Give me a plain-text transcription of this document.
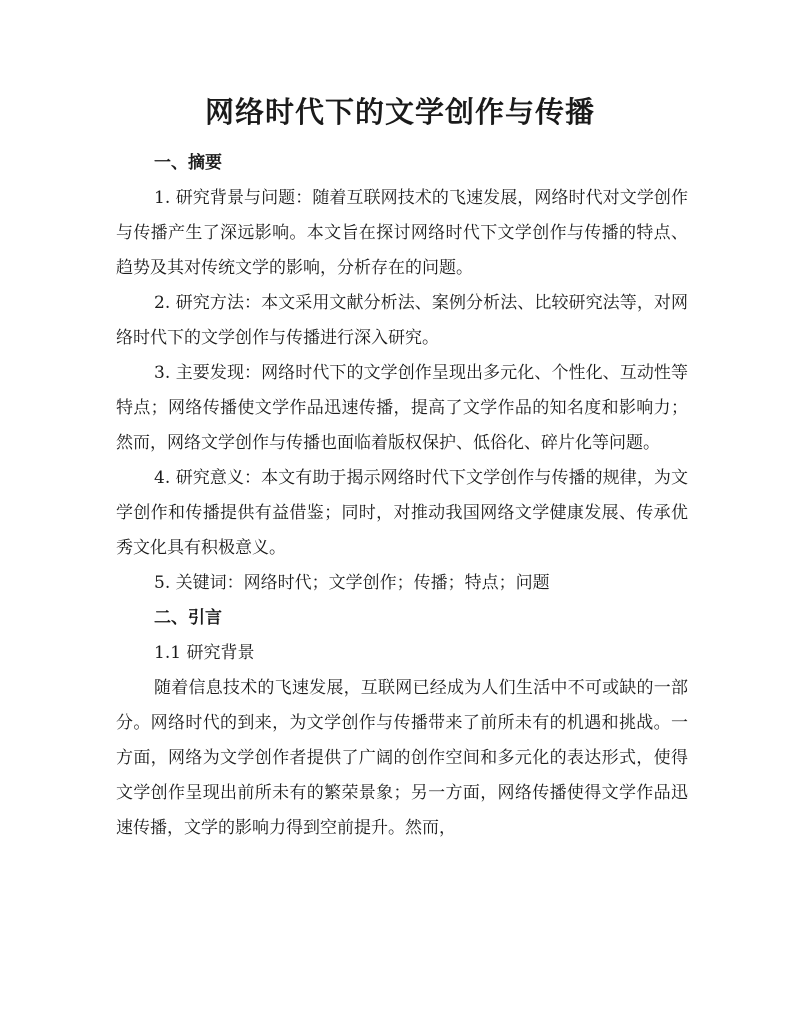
网络时代下的文学创作与传播
一、摘要

1. 研究背景与问题：随着互联网技术的飞速发展，网络时代对文学创作与传播产生了深远影响。本文旨在探讨网络时代下文学创作与传播的特点、趋势及其对传统文学的影响，分析存在的问题。

2. 研究方法：本文采用文献分析法、案例分析法、比较研究法等，对网络时代下的文学创作与传播进行深入研究。

3. 主要发现：网络时代下的文学创作呈现出多元化、个性化、互动性等特点；网络传播使文学作品迅速传播，提高了文学作品的知名度和影响力；然而，网络文学创作与传播也面临着版权保护、低俗化、碎片化等问题。

4. 研究意义：本文有助于揭示网络时代下文学创作与传播的规律，为文学创作和传播提供有益借鉴；同时，对推动我国网络文学健康发展、传承优秀文化具有积极意义。

5. 关键词：网络时代；文学创作；传播；特点；问题

二、引言

1.1 研究背景

随着信息技术的飞速发展，互联网已经成为人们生活中不可或缺的一部分。网络时代的到来，为文学创作与传播带来了前所未有的机遇和挑战。一方面，网络为文学创作者提供了广阔的创作空间和多元化的表达形式，使得文学创作呈现出前所未有的繁荣景象；另一方面，网络传播使得文学作品迅速传播，文学的影响力得到空前提升。然而，
